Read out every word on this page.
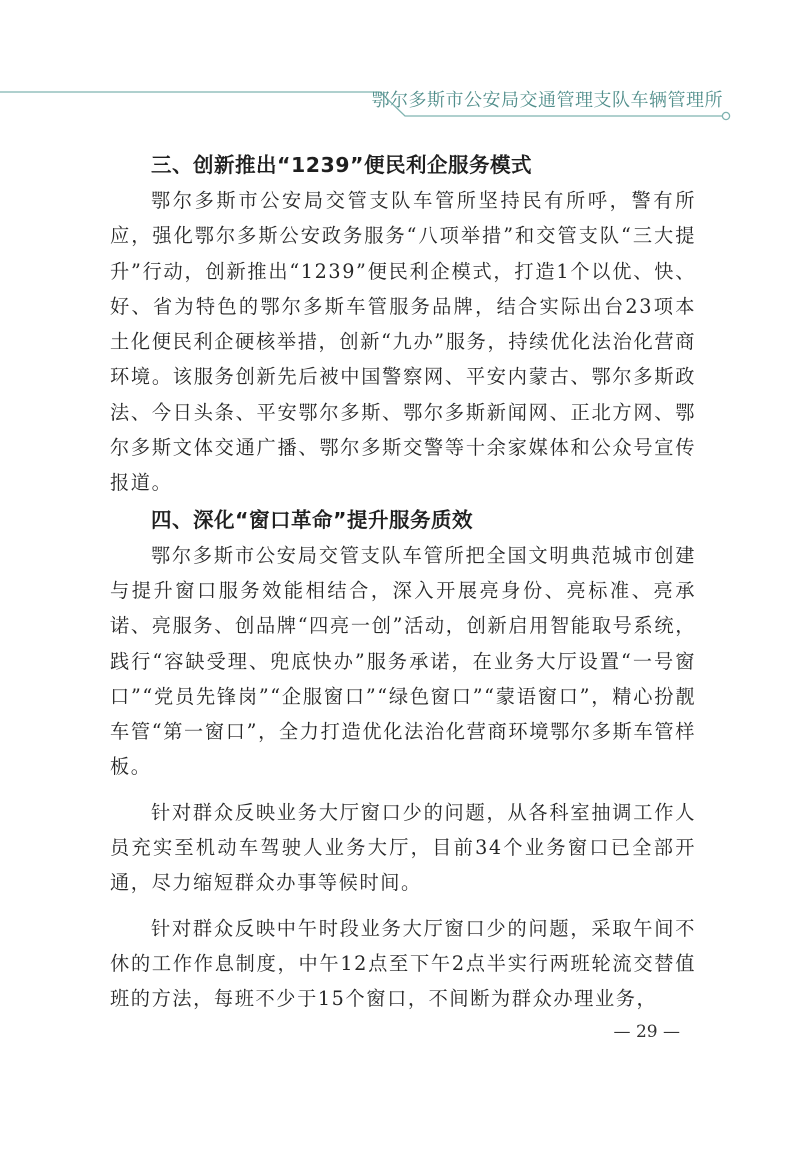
鄂尔多斯市公安局交通管理支队车辆管理所
三、创新推出“1239”便民利企服务模式

鄂尔多斯市公安局交管支队车管所坚持民有所呼，警有所应，强化鄂尔多斯公安政务服务“八项举措”和交管支队“三大提升”行动，创新推出“1239”便民利企模式，打造1个以优、快、好、省为特色的鄂尔多斯车管服务品牌，结合实际出台23项本土化便民利企硬核举措，创新“九办”服务，持续优化法治化营商环境。该服务创新先后被中国警察网、平安内蒙古、鄂尔多斯政法、今日头条、平安鄂尔多斯、鄂尔多斯新闻网、正北方网、鄂尔多斯文体交通广播、鄂尔多斯交警等十余家媒体和公众号宣传报道。

四、深化“窗口革命”提升服务质效

鄂尔多斯市公安局交管支队车管所把全国文明典范城市创建与提升窗口服务效能相结合，深入开展亮身份、亮标准、亮承诺、亮服务、创品牌“四亮一创”活动，创新启用智能取号系统，践行“容缺受理、兜底快办”服务承诺，在业务大厅设置“一号窗口”“党员先锋岗”“企服窗口”“绿色窗口”“蒙语窗口”，精心扮靓车管“第一窗口”，全力打造优化法治化营商环境鄂尔多斯车管样板。

针对群众反映业务大厅窗口少的问题，从各科室抽调工作人员充实至机动车驾驶人业务大厅，目前34个业务窗口已全部开通，尽力缩短群众办事等候时间。

针对群众反映中午时段业务大厅窗口少的问题，采取午间不休的工作作息制度，中午12点至下午2点半实行两班轮流交替值班的方法，每班不少于15个窗口，不间断为群众办理业务，

— 29 —
